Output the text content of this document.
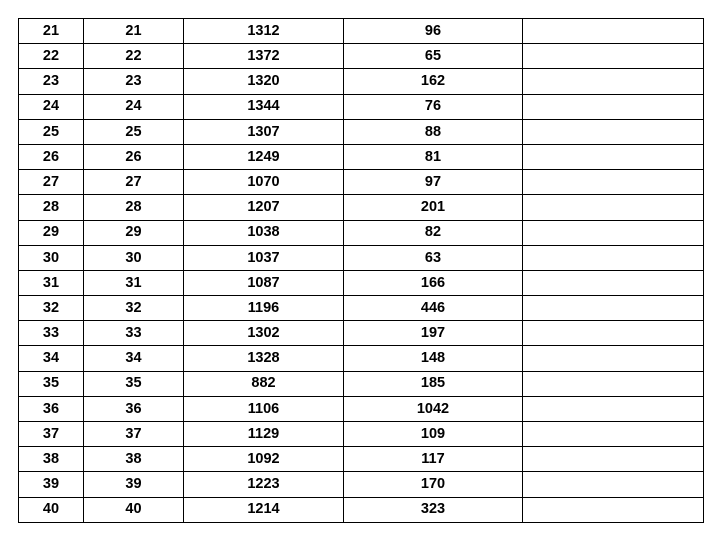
21	21	1312	96	
22	22	1372	65	
23	23	1320	162	
24	24	1344	76	
25	25	1307	88	
26	26	1249	81	
27	27	1070	97	
28	28	1207	201	
29	29	1038	82	
30	30	1037	63	
31	31	1087	166	
32	32	1196	446	
33	33	1302	197	
34	34	1328	148	
35	35	882	185	
36	36	1106	1042	
37	37	1129	109	
38	38	1092	117	
39	39	1223	170	
40	40	1214	323	
